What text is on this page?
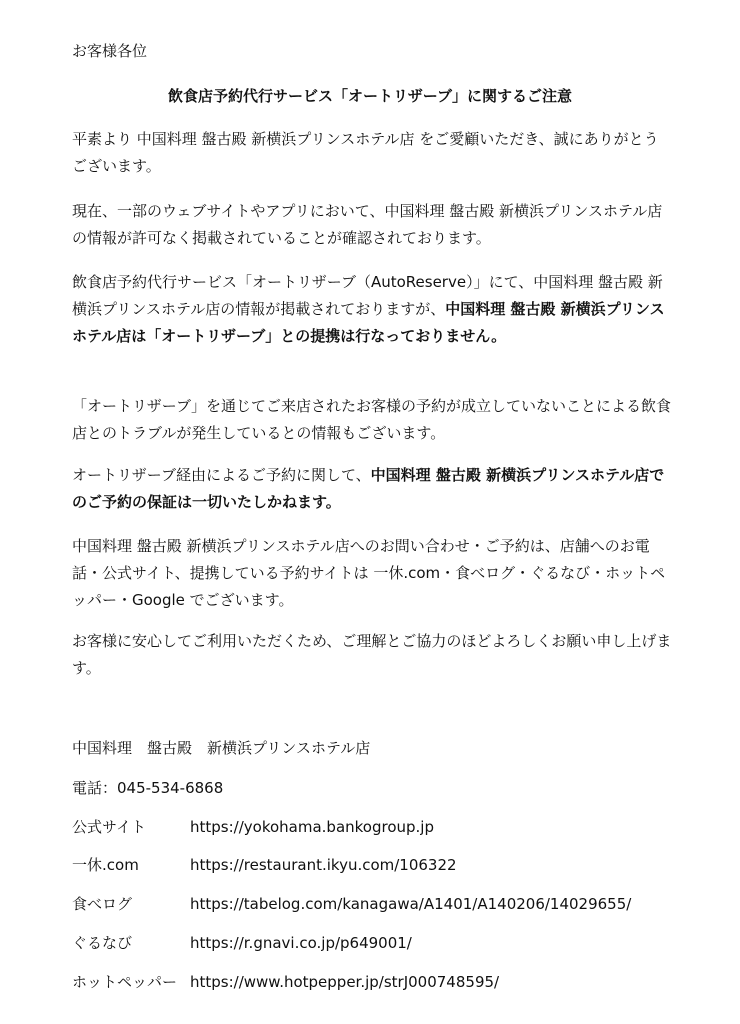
お客様各位
飲食店予約代行サービス「オートリザーブ」に関するご注意

平素より 中国料理 盤古殿 新横浜プリンスホテル店 をご愛顧いただき、誠にありがとうございます。

現在、一部のウェブサイトやアプリにおいて、中国料理 盤古殿 新横浜プリンスホテル店の情報が許可なく掲載されていることが確認されております。

飲食店予約代行サービス「オートリザーブ（AutoReserve）」にて、中国料理 盤古殿 新横浜プリンスホテル店の情報が掲載されておりますが、中国料理 盤古殿 新横浜プリンスホテル店は「オートリザーブ」との提携は行なっておりません。

「オートリザーブ」を通じてご来店されたお客様の予約が成立していないことによる飲食店とのトラブルが発生しているとの情報もございます。

オートリザーブ経由によるご予約に関して、中国料理 盤古殿 新横浜プリンスホテル店でのご予約の保証は一切いたしかねます。

中国料理 盤古殿 新横浜プリンスホテル店へのお問い合わせ・ご予約は、店舗へのお電話・公式サイト、提携している予約サイトは 一休.com・食べログ・ぐるなび・ホットペッパー・Google でございます。

お客様に安心してご利用いただくため、ご理解とご協力のほどよろしくお願い申し上げます。

中国料理　盤古殿　新横浜プリンスホテル店
電話：045-534-6868
公式サイト	https://yokohama.bankogroup.jp
一休.com	https://restaurant.ikyu.com/106322
食べログ	https://tabelog.com/kanagawa/A1401/A140206/14029655/
ぐるなび	https://r.gnavi.co.jp/p649001/
ホットペッパー https://www.hotpepper.jp/strJ000748595/
